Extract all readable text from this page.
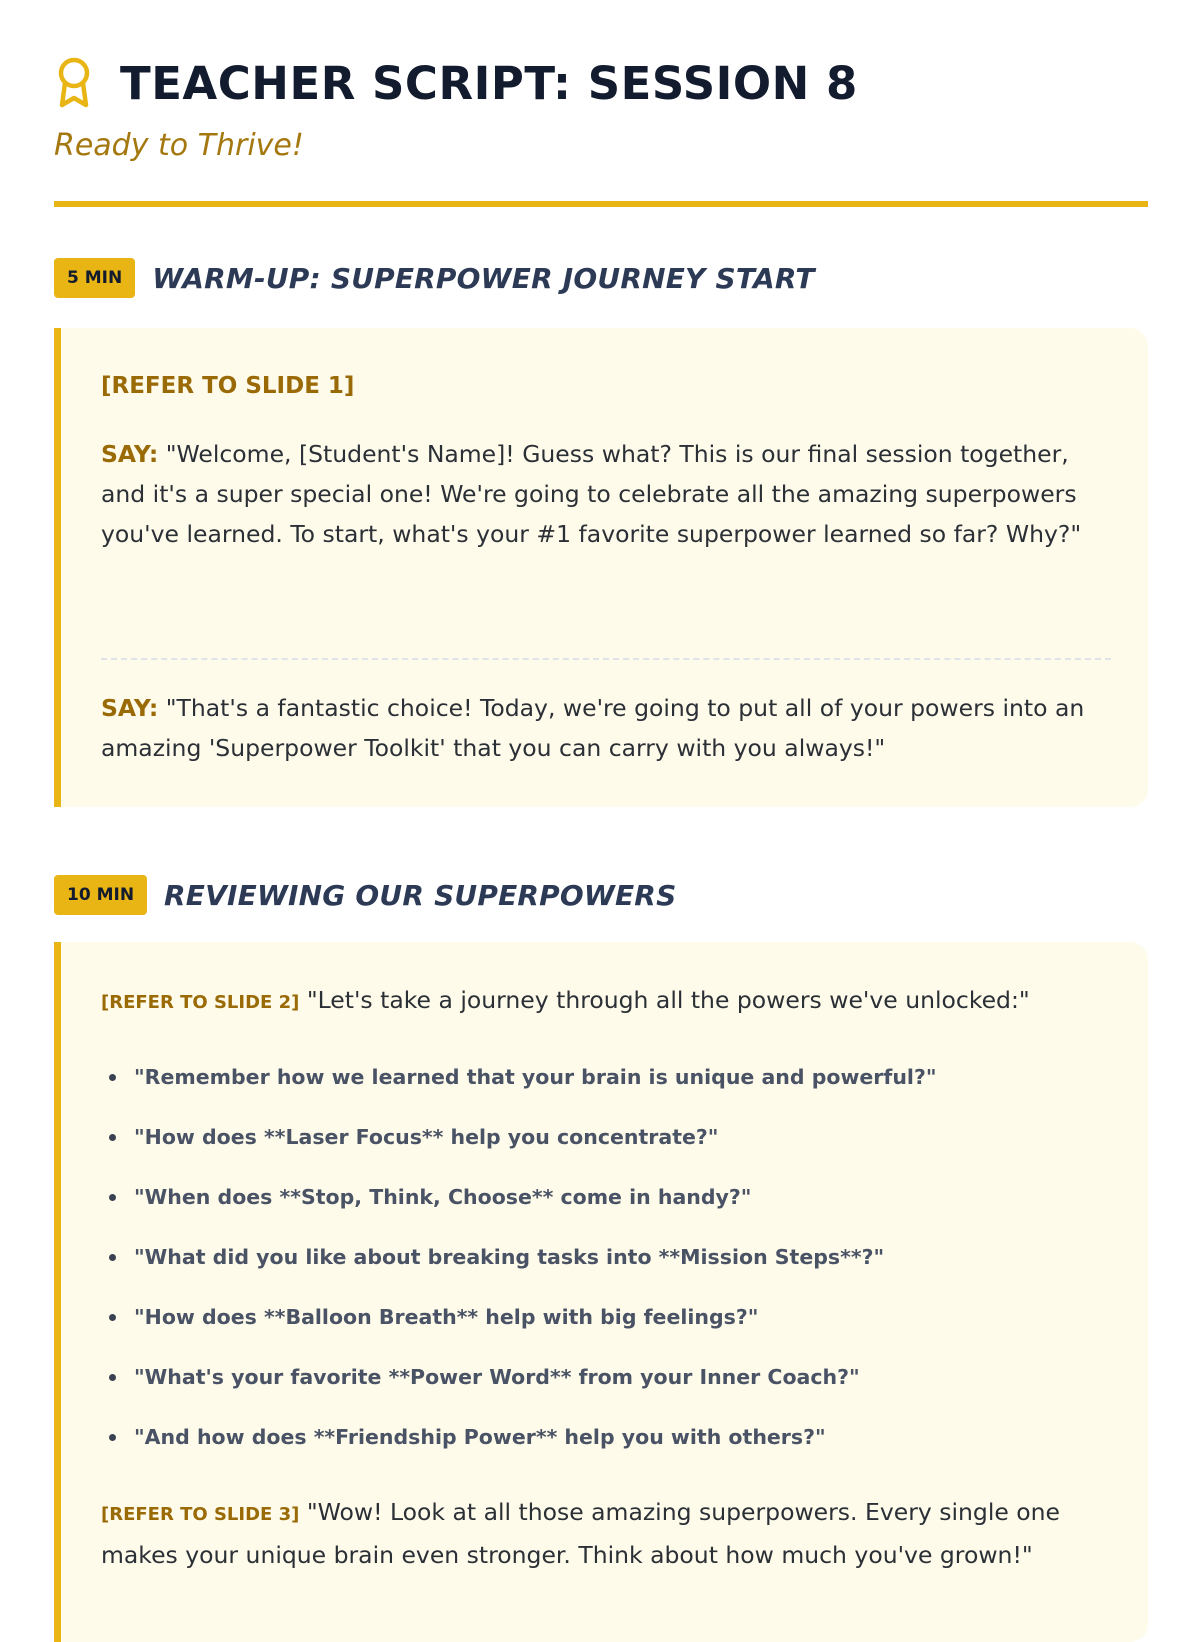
TEACHER SCRIPT: SESSION 8

Ready to Thrive!

5 MIN	WARM-UP: SUPERPOWER JOURNEY START

[REFER TO SLIDE 1]

SAY: "Welcome, [Student's Name]! Guess what? This is our final session together, and it's a super special one! We're going to celebrate all the amazing superpowers you've learned. To start, what's your #1 favorite superpower learned so far? Why?"

SAY: "That's a fantastic choice! Today, we're going to put all of your powers into an amazing 'Superpower Toolkit' that you can carry with you always!"

10 MIN	REVIEWING OUR SUPERPOWERS

[REFER TO SLIDE 2] "Let's take a journey through all the powers we've unlocked:"

"Remember how we learned that your brain is unique and powerful?"
"How does **Laser Focus** help you concentrate?"
"When does **Stop, Think, Choose** come in handy?"
"What did you like about breaking tasks into **Mission Steps**?"
"How does **Balloon Breath** help with big feelings?"
"What's your favorite **Power Word** from your Inner Coach?"
"And how does **Friendship Power** help you with others?"

[REFER TO SLIDE 3] "Wow! Look at all those amazing superpowers. Every single one makes your unique brain even stronger. Think about how much you've grown!"
